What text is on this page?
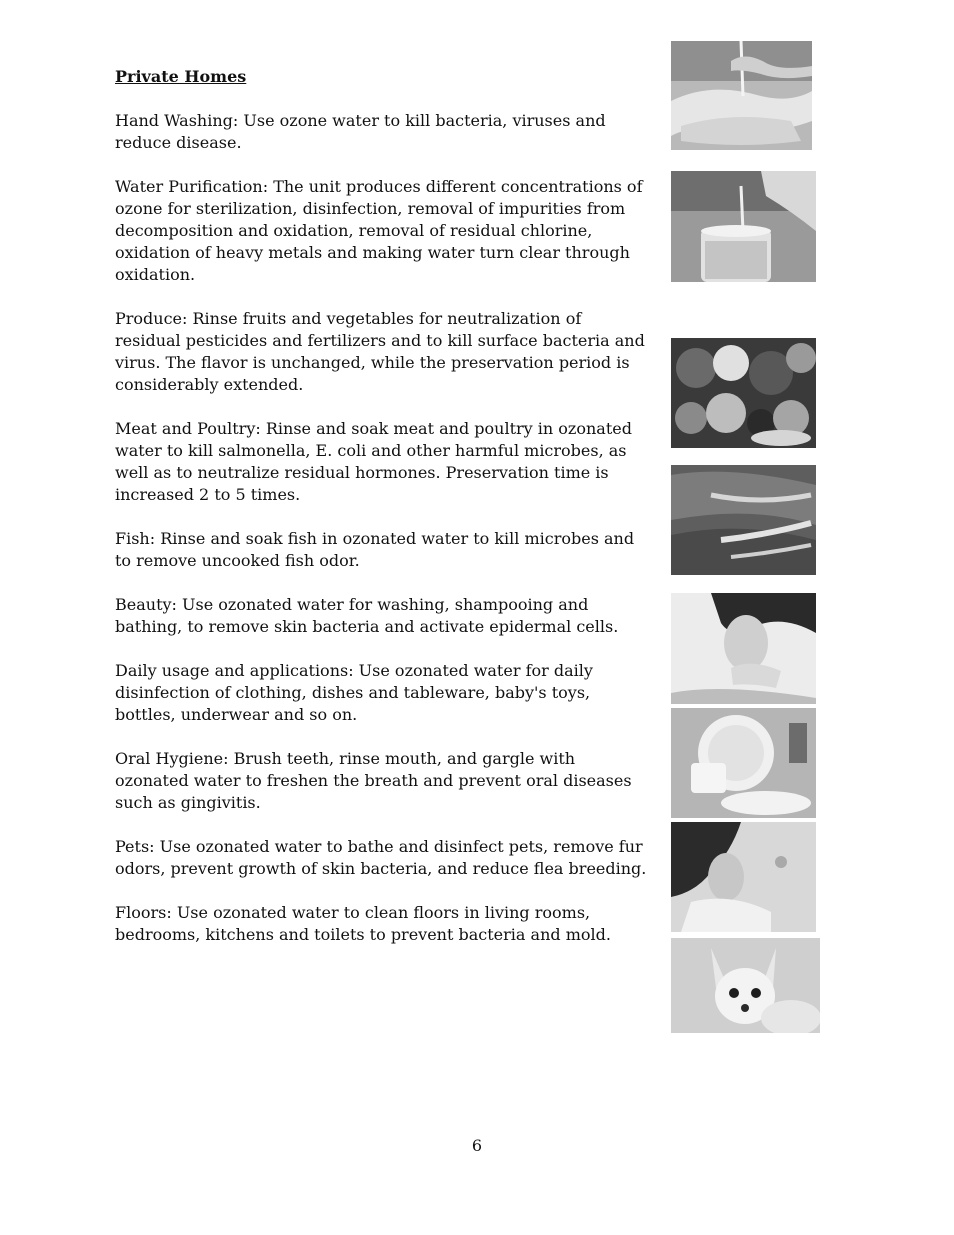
Private Homes

Hand Washing: Use ozone water to kill bacteria, viruses and reduce disease.

Water Purification: The unit produces different concentrations of ozone for sterilization, disinfection, removal of impurities from decomposition and oxidation, removal of residual chlorine, oxidation of heavy metals and making water turn clear through oxidation.

Produce: Rinse fruits and vegetables for neutralization of residual pesticides and fertilizers and to kill surface bacteria and virus. The flavor is unchanged, while the preservation period is considerably extended.

Meat and Poultry: Rinse and soak meat and poultry in ozonated water to kill salmonella, E. coli and other harmful microbes, as well as to neutralize residual hormones. Preservation time is increased 2 to 5 times.

Fish: Rinse and soak fish in ozonated water to kill microbes and to remove uncooked fish odor.

Beauty: Use ozonated water for washing, shampooing and bathing, to remove skin bacteria and activate epidermal cells.

Daily usage and applications: Use ozonated water for daily disinfection of clothing, dishes and tableware, baby's toys, bottles, underwear and so on.

Oral Hygiene: Brush teeth, rinse mouth, and gargle with ozonated water to freshen the breath and prevent oral diseases such as gingivitis.

Pets: Use ozonated water to bathe and disinfect pets, remove fur odors, prevent growth of skin bacteria, and reduce flea breeding.

Floors: Use ozonated water to clean floors in living rooms, bedrooms, kitchens and toilets to prevent bacteria and mold.

6
